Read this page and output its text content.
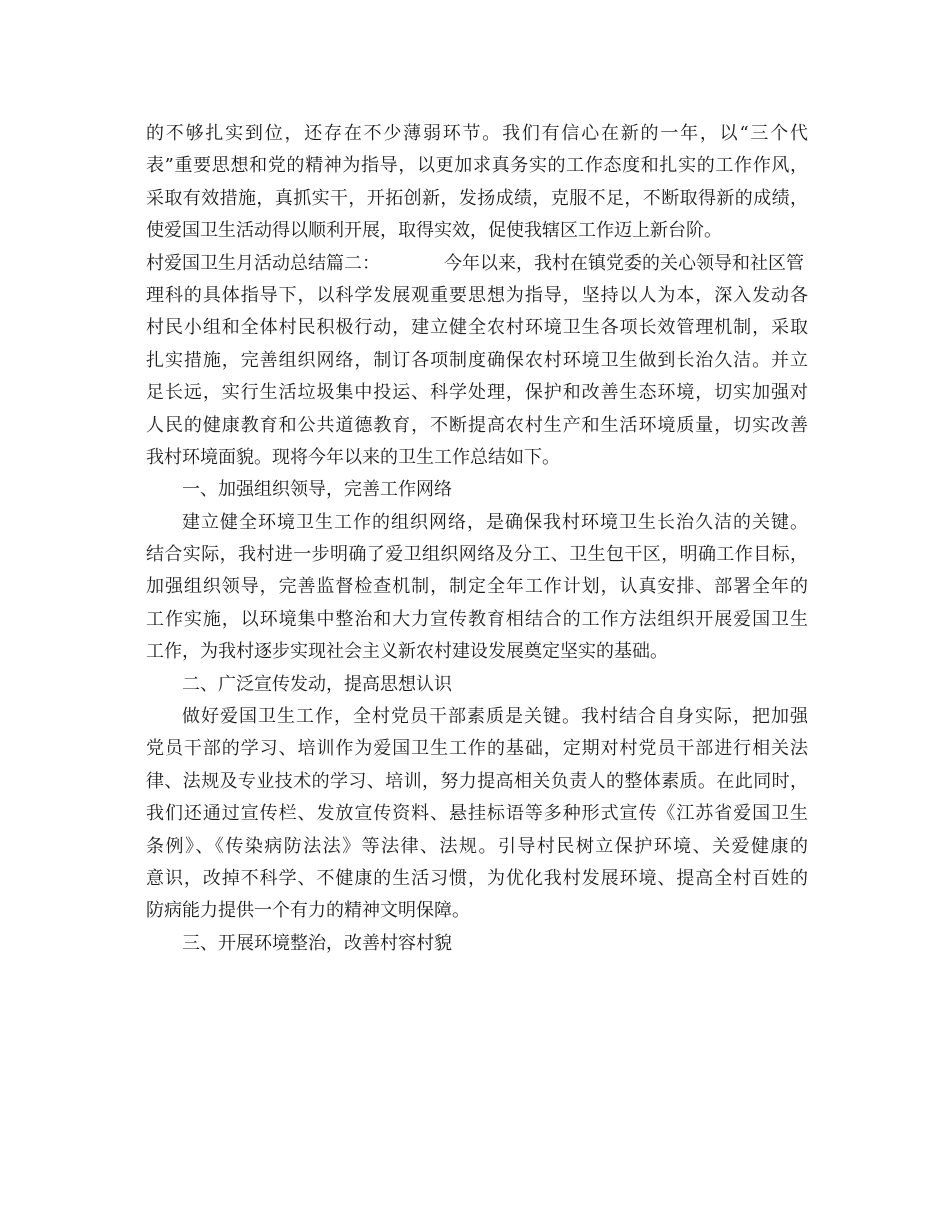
的不够扎实到位，还存在不少薄弱环节。我们有信心在新的一年，以“三个代
表”重要思想和党的精神为指导，以更加求真务实的工作态度和扎实的工作作风，
采取有效措施，真抓实干，开拓创新，发扬成绩，克服不足，不断取得新的成绩，
使爱国卫生活动得以顺利开展，取得实效，促使我辖区工作迈上新台阶。
村爱国卫生月活动总结篇二：	今年以来，我村在镇党委的关心领导和社区管
理科的具体指导下，以科学发展观重要思想为指导，坚持以人为本，深入发动各
村民小组和全体村民积极行动，建立健全农村环境卫生各项长效管理机制，采取
扎实措施，完善组织网络，制订各项制度确保农村环境卫生做到长治久洁。并立
足长远，实行生活垃圾集中投运、科学处理，保护和改善生态环境，切实加强对
人民的健康教育和公共道德教育，不断提高农村生产和生活环境质量，切实改善
我村环境面貌。现将今年以来的卫生工作总结如下。
一、加强组织领导，完善工作网络
建立健全环境卫生工作的组织网络，是确保我村环境卫生长治久洁的关键。
结合实际，我村进一步明确了爱卫组织网络及分工、卫生包干区，明确工作目标，
加强组织领导，完善监督检查机制，制定全年工作计划，认真安排、部署全年的
工作实施，以环境集中整治和大力宣传教育相结合的工作方法组织开展爱国卫生
工作，为我村逐步实现社会主义新农村建设发展奠定坚实的基础。
二、广泛宣传发动，提高思想认识
做好爱国卫生工作，全村党员干部素质是关键。我村结合自身实际，把加强
党员干部的学习、培训作为爱国卫生工作的基础，定期对村党员干部进行相关法
律、法规及专业技术的学习、培训，努力提高相关负责人的整体素质。在此同时，
我们还通过宣传栏、发放宣传资料、悬挂标语等多种形式宣传《江苏省爱国卫生
条例》、《传染病防法法》等法律、法规。引导村民树立保护环境、关爱健康的
意识，改掉不科学、不健康的生活习惯，为优化我村发展环境、提高全村百姓的
防病能力提供一个有力的精神文明保障。
三、开展环境整治，改善村容村貌
